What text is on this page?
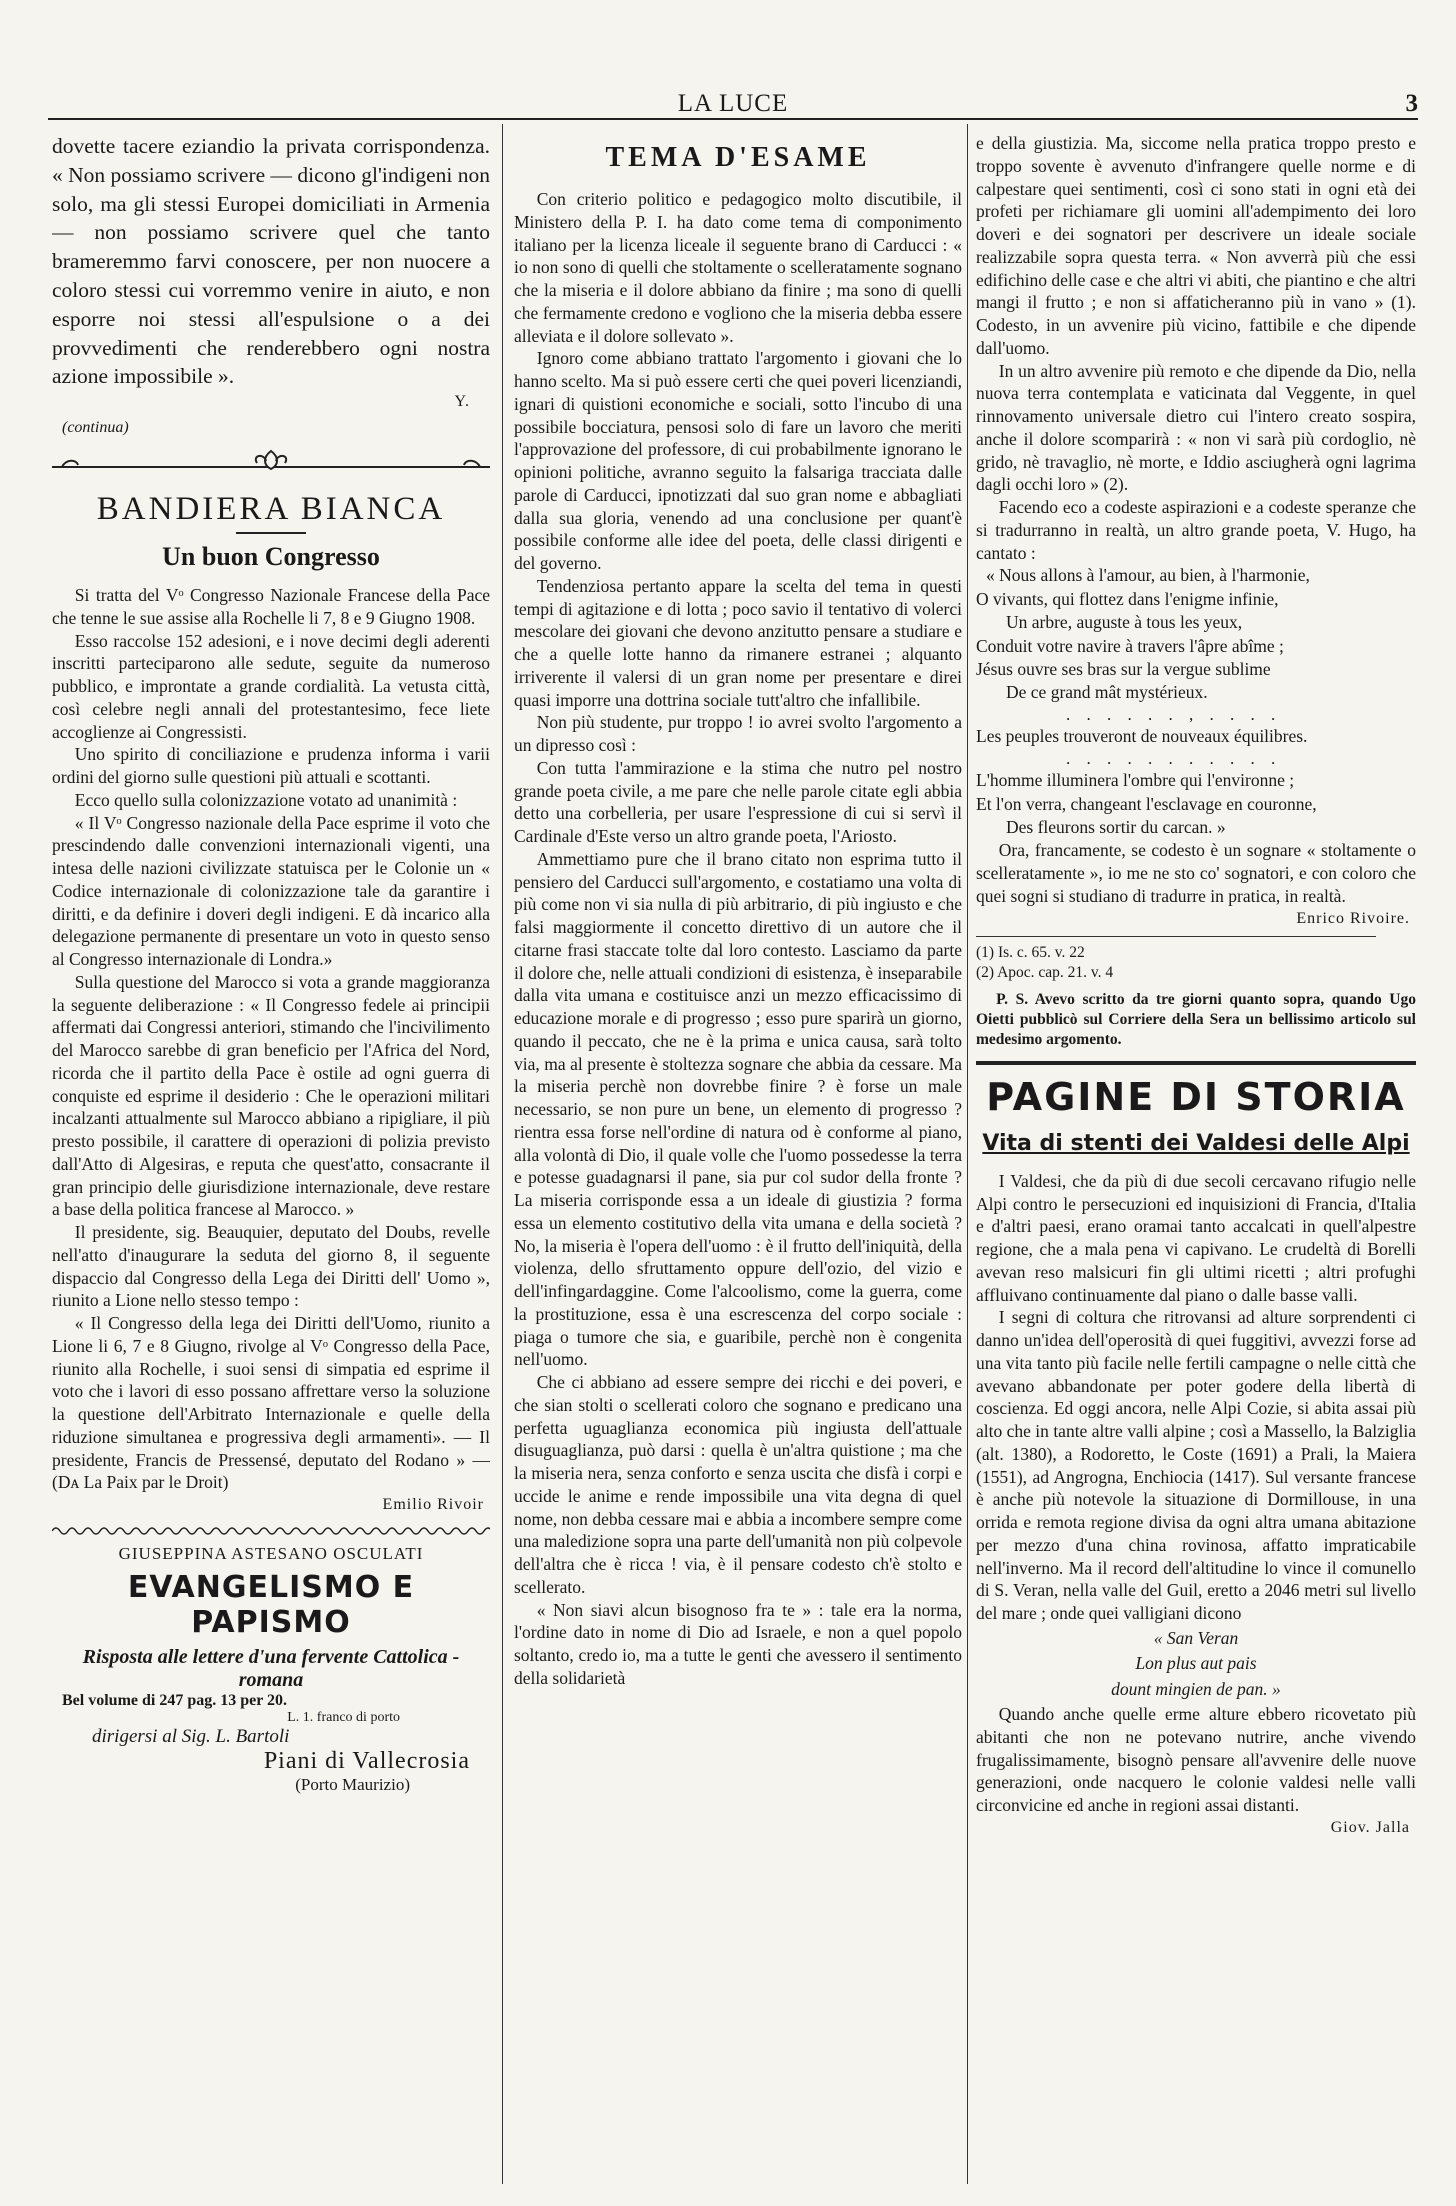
LA LUCE	3

dovette tacere eziandio la privata corrispondenza. « Non possiamo scrivere — dicono gl'indigeni non solo, ma gli stessi Europei domiciliati in Armenia — non possiamo scrivere quel che tanto brameremmo farvi conoscere, per non nuocere a coloro stessi cui vorremmo venire in aiuto, e non esporre noi stessi all'espulsione o a dei provvedimenti che renderebbero ogni nostra azione impossibile ».

Y.
(continua)
BANDIERA BIANCA
Un buon Congresso

Si tratta del Vᵒ Congresso Nazionale Francese della Pace che tenne le sue assise alla Rochelle li 7, 8 e 9 Giugno 1908.

Esso raccolse 152 adesioni, e i nove decimi degli aderenti inscritti parteciparono alle sedute, seguite da numeroso pubblico, e improntate a grande cordialità. La vetusta città, così celebre negli annali del protestantesimo, fece liete accoglienze ai Congressisti.

Uno spirito di conciliazione e prudenza informa i varii ordini del giorno sulle questioni più attuali e scottanti.

Ecco quello sulla colonizzazione votato ad unanimità :

« Il Vᵒ Congresso nazionale della Pace esprime il voto che prescindendo dalle convenzioni internazionali vigenti, una intesa delle nazioni civilizzate statuisca per le Colonie un « Codice internazionale di colonizzazione tale da garantire i diritti, e da definire i doveri degli indigeni. E dà incarico alla delegazione permanente di presentare un voto in questo senso al Congresso internazionale di Londra.»

Sulla questione del Marocco si vota a grande maggioranza la seguente deliberazione : « Il Congresso fedele ai principii affermati dai Congressi anteriori, stimando che l'incivilimento del Marocco sarebbe di gran beneficio per l'Africa del Nord, ricorda che il partito della Pace è ostile ad ogni guerra di conquiste ed esprime il desiderio : Che le operazioni militari incalzanti attualmente sul Marocco abbiano a ripigliare, il più presto possibile, il carattere di operazioni di polizia previsto dall'Atto di Algesiras, e reputa che quest'atto, consacrante il gran principio delle giurisdizione internazionale, deve restare a base della politica francese al Marocco. »

Il presidente, sig. Beauquier, deputato del Doubs, revelle nell'atto d'inaugurare la seduta del giorno 8, il seguente dispaccio dal Congresso della Lega dei Diritti dell' Uomo », riunito a Lione nello stesso tempo :

« Il Congresso della lega dei Diritti dell'Uomo, riunito a Lione li 6, 7 e 8 Giugno, rivolge al Vᵒ Congresso della Pace, riunito alla Rochelle, i suoi sensi di simpatia ed esprime il voto che i lavori di esso possano affrettare verso la soluzione la questione dell'Arbitrato Internazionale e quelle della riduzione simultanea e progressiva degli armamenti». — Il presidente, Francis de Pressensé, deputato del Rodano » — (Dᴀ La Paix par le Droit)

Emilio Rivoir
GIUSEPPINA ASTESANO OSCULATI
EVANGELISMO E PAPISMO
Risposta alle lettere d'una fervente Cattolica - romana
Bel volume di 247 pag. 13 per 20.
L. 1. franco di porto
dirigersi al Sig. L. Bartoli
Piani di Vallecrosia
(Porto Maurizio)
TEMA D'ESAME

Con criterio politico e pedagogico molto discutibile, il Ministero della P. I. ha dato come tema di componimento italiano per la licenza liceale il seguente brano di Carducci : « io non sono di quelli che stoltamente o scelleratamente sognano che la miseria e il dolore abbiano da finire ; ma sono di quelli che fermamente credono e vogliono che la miseria debba essere alleviata e il dolore sollevato ».

Ignoro come abbiano trattato l'argomento i giovani che lo hanno scelto. Ma si può essere certi che quei poveri licenziandi, ignari di quistioni economiche e sociali, sotto l'incubo di una possibile bocciatura, pensosi solo di fare un lavoro che meriti l'approvazione del professore, di cui probabilmente ignorano le opinioni politiche, avranno seguito la falsariga tracciata dalle parole di Carducci, ipnotizzati dal suo gran nome e abbagliati dalla sua gloria, venendo ad una conclusione per quant'è possibile conforme alle idee del poeta, delle classi dirigenti e del governo.

Tendenziosa pertanto appare la scelta del tema in questi tempi di agitazione e di lotta ; poco savio il tentativo di volerci mescolare dei giovani che devono anzitutto pensare a studiare e che a quelle lotte hanno da rimanere estranei ; alquanto irriverente il valersi di un gran nome per presentare e direi quasi imporre una dottrina sociale tutt'altro che infallibile.

Non più studente, pur troppo ! io avrei svolto l'argomento a un dipresso così :

Con tutta l'ammirazione e la stima che nutro pel nostro grande poeta civile, a me pare che nelle parole citate egli abbia detto una corbelleria, per usare l'espressione di cui si servì il Cardinale d'Este verso un altro grande poeta, l'Ariosto.

Ammettiamo pure che il brano citato non esprima tutto il pensiero del Carducci sull'argomento, e costatiamo una volta di più come non vi sia nulla di più arbitrario, di più ingiusto e che falsi maggiormente il concetto direttivo di un autore che il citarne frasi staccate tolte dal loro contesto. Lasciamo da parte il dolore che, nelle attuali condizioni di esistenza, è inseparabile dalla vita umana e costituisce anzi un mezzo efficacissimo di educazione morale e di progresso ; esso pure sparirà un giorno, quando il peccato, che ne è la prima e unica causa, sarà tolto via, ma al presente è stoltezza sognare che abbia da cessare. Ma la miseria perchè non dovrebbe finire ? è forse un male necessario, se non pure un bene, un elemento di progresso ? rientra essa forse nell'ordine di natura od è conforme al piano, alla volontà di Dio, il quale volle che l'uomo possedesse la terra e potesse guadagnarsi il pane, sia pur col sudor della fronte ? La miseria corrisponde essa a un ideale di giustizia ? forma essa un elemento costitutivo della vita umana e della società ? No, la miseria è l'opera dell'uomo : è il frutto dell'iniquità, della violenza, dello sfruttamento oppure dell'ozio, del vizio e dell'infingardaggine. Come l'alcoolismo, come la guerra, come la prostituzione, essa è una escrescenza del corpo sociale : piaga o tumore che sia, e guaribile, perchè non è congenita nell'uomo.

Che ci abbiano ad essere sempre dei ricchi e dei poveri, e che sian stolti o scellerati coloro che sognano e predicano una perfetta uguaglianza economica più ingiusta dell'attuale disuguaglianza, può darsi : quella è un'altra quistione ; ma che la miseria nera, senza conforto e senza uscita che disfà i corpi e uccide le anime e rende impossibile una vita degna di quel nome, non debba cessare mai e abbia a incombere sempre come una maledizione sopra una parte dell'umanità non più colpevole dell'altra che è ricca ! via, è il pensare codesto ch'è stolto e scellerato.

« Non siavi alcun bisognoso fra te » : tale era la norma, l'ordine dato in nome di Dio ad Israele, e non a quel popolo soltanto, credo io, ma a tutte le genti che avessero il sentimento della solidarietà

e della giustizia. Ma, siccome nella pratica troppo presto e troppo sovente è avvenuto d'infrangere quelle norme e di calpestare quei sentimenti, così ci sono stati in ogni età dei profeti per richiamare gli uomini all'adempimento dei loro doveri e dei sognatori per descrivere un ideale sociale realizzabile sopra questa terra. « Non avverrà più che essi edifichino delle case e che altri vi abiti, che piantino e che altri mangi il frutto ; e non si affaticheranno più in vano » (1). Codesto, in un avvenire più vicino, fattibile e che dipende dall'uomo.

In un altro avvenire più remoto e che dipende da Dio, nella nuova terra contemplata e vaticinata dal Veggente, in quel rinnovamento universale dietro cui l'intero creato sospira, anche il dolore scomparirà : « non vi sarà più cordoglio, nè grido, nè travaglio, nè morte, e Iddio asciugherà ogni lagrima dagli occhi loro » (2).

Facendo eco a codeste aspirazioni e a codeste speranze che si tradurranno in realtà, un altro grande poeta, V. Hugo, ha cantato :

« Nous allons à l'amour, au bien, à l'harmonie,
O vivants, qui flottez dans l'enigme infinie,
Un arbre, auguste à tous les yeux,
Conduit votre navire à travers l'âpre abîme ;
Jésus ouvre ses bras sur la vergue sublime
De ce grand mât mystérieux.
. . . . . . , . . . .
Les peuples trouveront de nouveaux équilibres.
. . . . . . . . . . .
L'homme illuminera l'ombre qui l'environne ;
Et l'on verra, changeant l'esclavage en couronne,
Des fleurons sortir du carcan. »

Ora, francamente, se codesto è un sognare « stoltamente o scelleratamente », io me ne sto co' sognatori, e con coloro che quei sogni si studiano di tradurre in pratica, in realtà.

Enrico Rivoire.
(1) Is. c. 65. v. 22
(2) Apoc. cap. 21. v. 4

P. S. Avevo scritto da tre giorni quanto sopra, quando Ugo Oietti pubblicò sul Corriere della Sera un bellissimo articolo sul medesimo argomento.

PAGINE DI STORIA
Vita di stenti dei Valdesi delle Alpi

I Valdesi, che da più di due secoli cercavano rifugio nelle Alpi contro le persecuzioni ed inquisizioni di Francia, d'Italia e d'altri paesi, erano oramai tanto accalcati in quell'alpestre regione, che a mala pena vi capivano. Le crudeltà di Borelli avevan reso malsicuri fin gli ultimi ricetti ; altri profughi affluivano continuamente dal piano o dalle basse valli.

I segni di coltura che ritrovansi ad alture sorprendenti ci danno un'idea dell'operosità di quei fuggitivi, avvezzi forse ad una vita tanto più facile nelle fertili campagne o nelle città che avevano abbandonate per poter godere della libertà di coscienza. Ed oggi ancora, nelle Alpi Cozie, si abita assai più alto che in tante altre valli alpine ; così a Massello, la Balziglia (alt. 1380), a Rodoretto, le Coste (1691) a Prali, la Maiera (1551), ad Angrogna, Enchiocia (1417). Sul versante francese è anche più notevole la situazione di Dormillouse, in una orrida e remota regione divisa da ogni altra umana abitazione per mezzo d'una china rovinosa, affatto impraticabile nell'inverno. Ma il record dell'altitudine lo vince il comunello di S. Veran, nella valle del Guil, eretto a 2046 metri sul livello del mare ; onde quei valligiani dicono

« San Veran
Lon plus aut pais
dount mingien de pan. »

Quando anche quelle erme alture ebbero ricovetato più abitanti che non ne potevano nutrire, anche vivendo frugalissimamente, bisognò pensare all'avvenire delle nuove generazioni, onde nacquero le colonie valdesi nelle valli circonvicine ed anche in regioni assai distanti.

Giov. Jalla
